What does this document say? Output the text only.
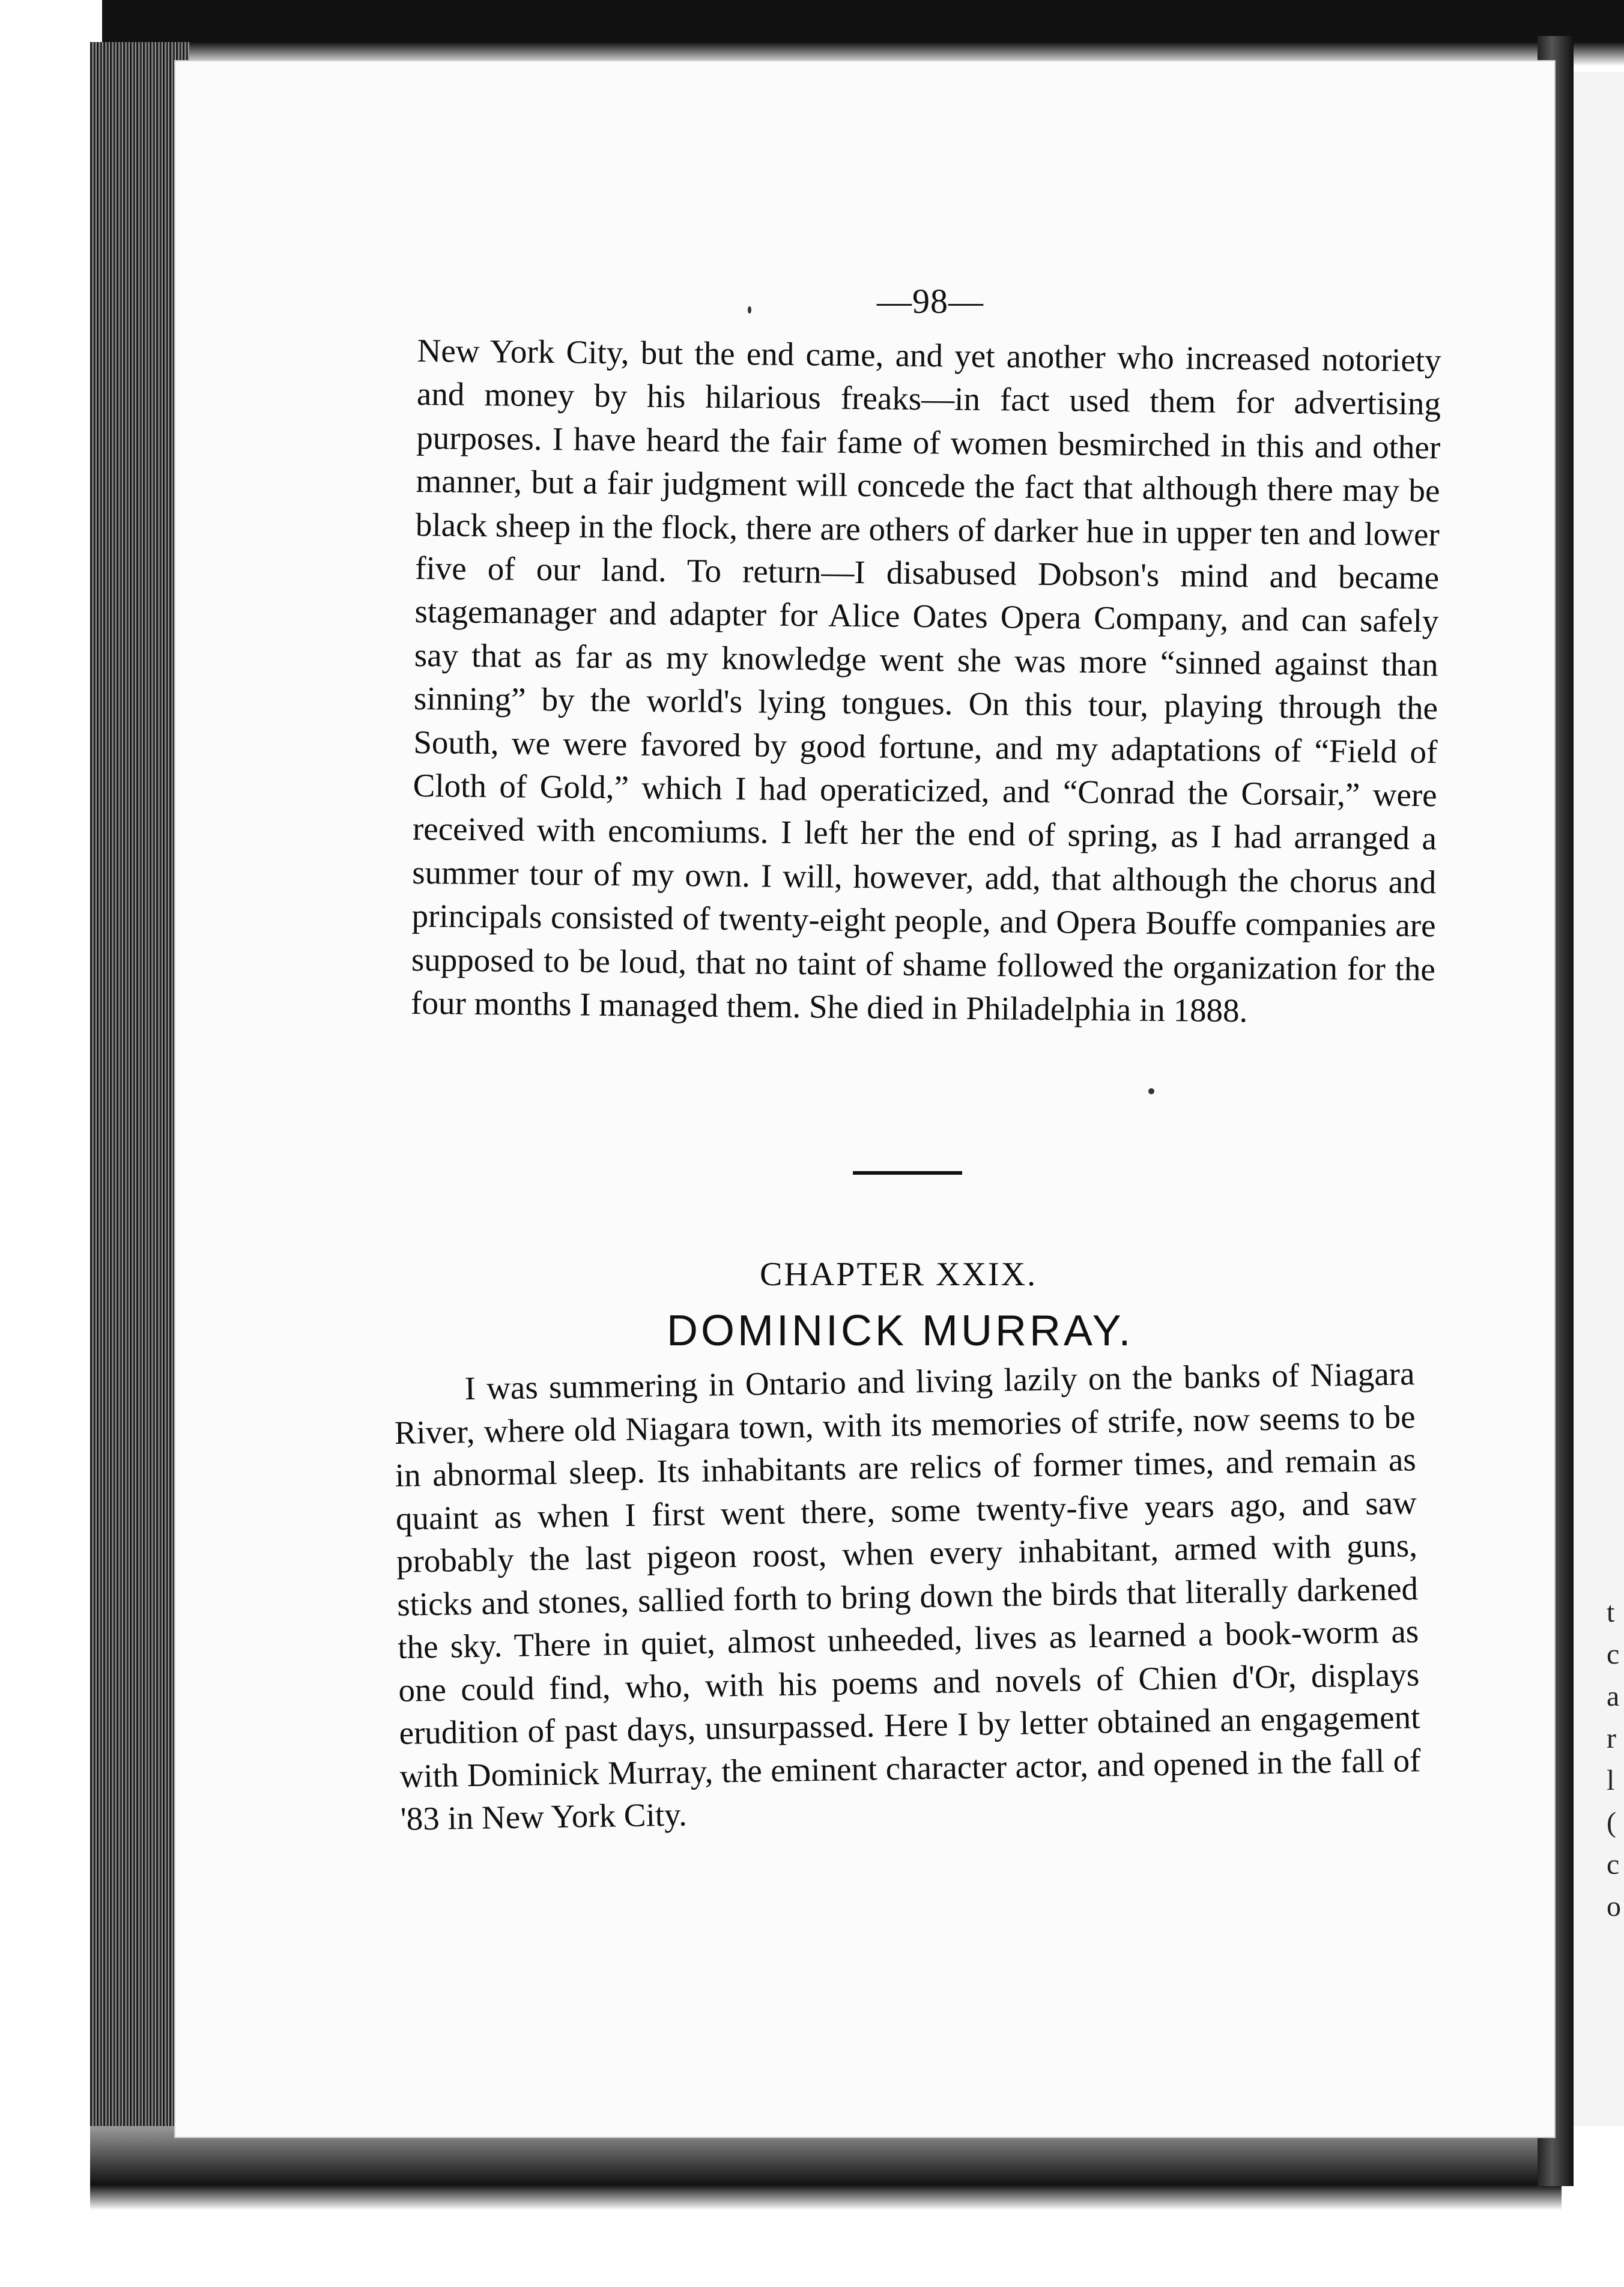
t
c
a
r
l
(
c
o
—98—

New York City, but the end came, and yet another who increased notoriety and money by his hilarious freaks—in fact used them for advertising purposes. I have heard the fair fame of women besmirched in this and other manner, but a fair judgment will concede the fact that although there may be black sheep in the flock, there are others of darker hue in upper ten and lower five of our land. To return—I disabused Dobson's mind and became stagemanager and adapter for Alice Oates Opera Company, and can safely say that as far as my knowledge went she was more “sinned against than sinning” by the world's lying tongues. On this tour, playing through the South, we were favored by good fortune, and my adaptations of “Field of Cloth of Gold,” which I had operaticized, and “Conrad the Corsair,” were received with encomiums. I left her the end of spring, as I had arranged a summer tour of my own. I will, however, add, that although the chorus and principals consisted of twenty-eight people, and Opera Bouffe companies are supposed to be loud, that no taint of shame followed the organization for the four months I managed them. She died in Philadelphia in 1888.

CHAPTER XXIX.
DOMINICK MURRAY.

I was summering in Ontario and living lazily on the banks of Niagara River, where old Niagara town, with its memories of strife, now seems to be in abnormal sleep. Its inhabitants are relics of former times, and remain as quaint as when I first went there, some twenty-five years ago, and saw probably the last pigeon roost, when every inhabitant, armed with guns, sticks and stones, sallied forth to bring down the birds that literally darkened the sky. There in quiet, almost unheeded, lives as learned a book-worm as one could find, who, with his poems and novels of Chien d'Or, displays erudition of past days, unsurpassed. Here I by letter obtained an engagement with Dominick Murray, the eminent character actor, and opened in the fall of '83 in New York City.
